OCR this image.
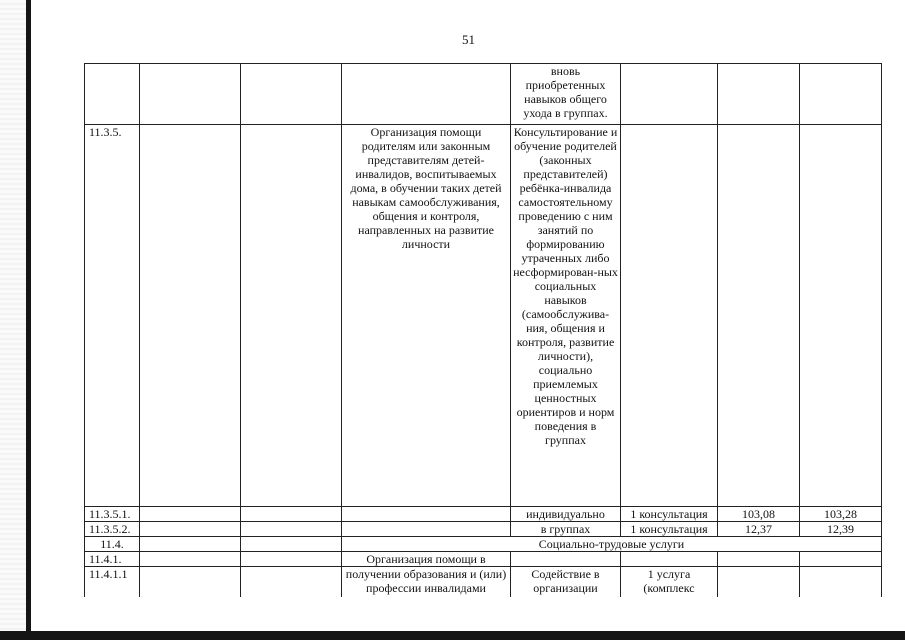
51
				вновь приобретенных навыков общего ухода в группах.			
11.3.5.			Организация помощи родителям или законным представителям детей-инвалидов, воспитываемых дома, в обучении таких детей навыкам самообслуживания, общения и контроля, направленных на развитие личности	Консультирование и обучение родителей (законных представителей) ребёнка-инвалида самостоятельному проведению с ним занятий по формированию утраченных либо несформирован-ных социальных навыков (самообслужива-ния, общения и контроля, развитие личности), социально приемлемых ценностных ориентиров и норм поведения в группах			
11.3.5.1.				индивидуально	1 консультация	103,08	103,28
11.3.5.2.				в группах	1 консультация	12,37	12,39
11.4.			Социально-трудовые услуги				
11.4.1.			Организация помощи в				
11.4.1.1			получении образования и (или) профессии инвалидами	Содействие в организации	1 услуга (комплекс		
